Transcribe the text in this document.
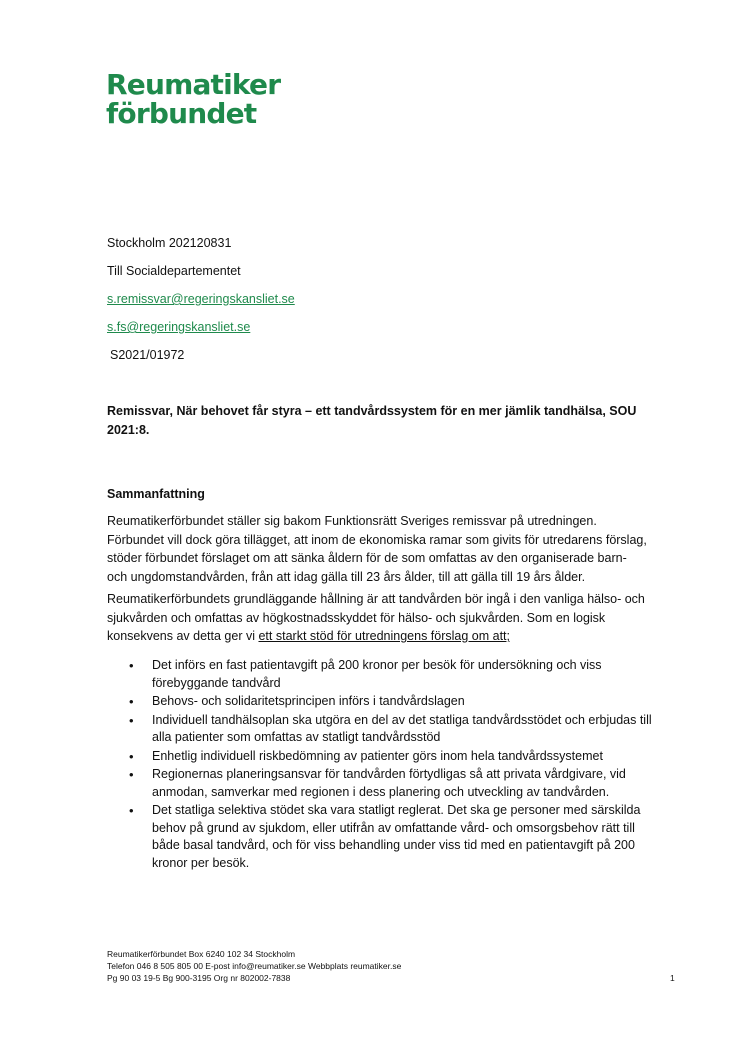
Reumatiker
förbundet
Stockholm 202120831
Till Socialdepartementet
s.remissvar@regeringskansliet.se
s.fs@regeringskansliet.se
S2021/01972
Remissvar, När behovet får styra – ett tandvårdssystem för en mer jämlik tandhälsa, SOU 2021:8.
Sammanfattning

Reumatikerförbundet ställer sig bakom Funktionsrätt Sveriges remissvar på utredningen. Förbundet vill dock göra tillägget, att inom de ekonomiska ramar som givits för utredarens förslag, stöder förbundet förslaget om att sänka åldern för de som omfattas av den organiserade barn- och ungdomstandvården, från att idag gälla till 23 års ålder, till att gälla till 19 års ålder.

Reumatikerförbundets grundläggande hållning är att tandvården bör ingå i den vanliga hälso- och sjukvården och omfattas av högkostnadsskyddet för hälso- och sjukvården. Som en logisk konsekvens av detta ger vi ett starkt stöd för utredningens förslag om att;

• Det införs en fast patientavgift på 200 kronor per besök för undersökning och viss förebyggande tandvård
• Behovs- och solidaritetsprincipen införs i tandvårdslagen
• Individuell tandhälsoplan ska utgöra en del av det statliga tandvårdsstödet och erbjudas till alla patienter som omfattas av statligt tandvårdsstöd
• Enhetlig individuell riskbedömning av patienter görs inom hela tandvårdssystemet
• Regionernas planeringsansvar för tandvården förtydligas så att privata vårdgivare, vid anmodan, samverkar med regionen i dess planering och utveckling av tandvården.
• Det statliga selektiva stödet ska vara statligt reglerat. Det ska ge personer med särskilda behov på grund av sjukdom, eller utifrån av omfattande vård- och omsorgsbehov rätt till både basal tandvård, och för viss behandling under viss tid med en patientavgift på 200 kronor per besök.
Reumatikerförbundet Box 6240 102 34 Stockholm
Telefon 046 8 505 805 00 E-post info@reumatiker.se Webbplats reumatiker.se
Pg 90 03 19-5 Bg 900-3195 Org nr 802002-7838	1
